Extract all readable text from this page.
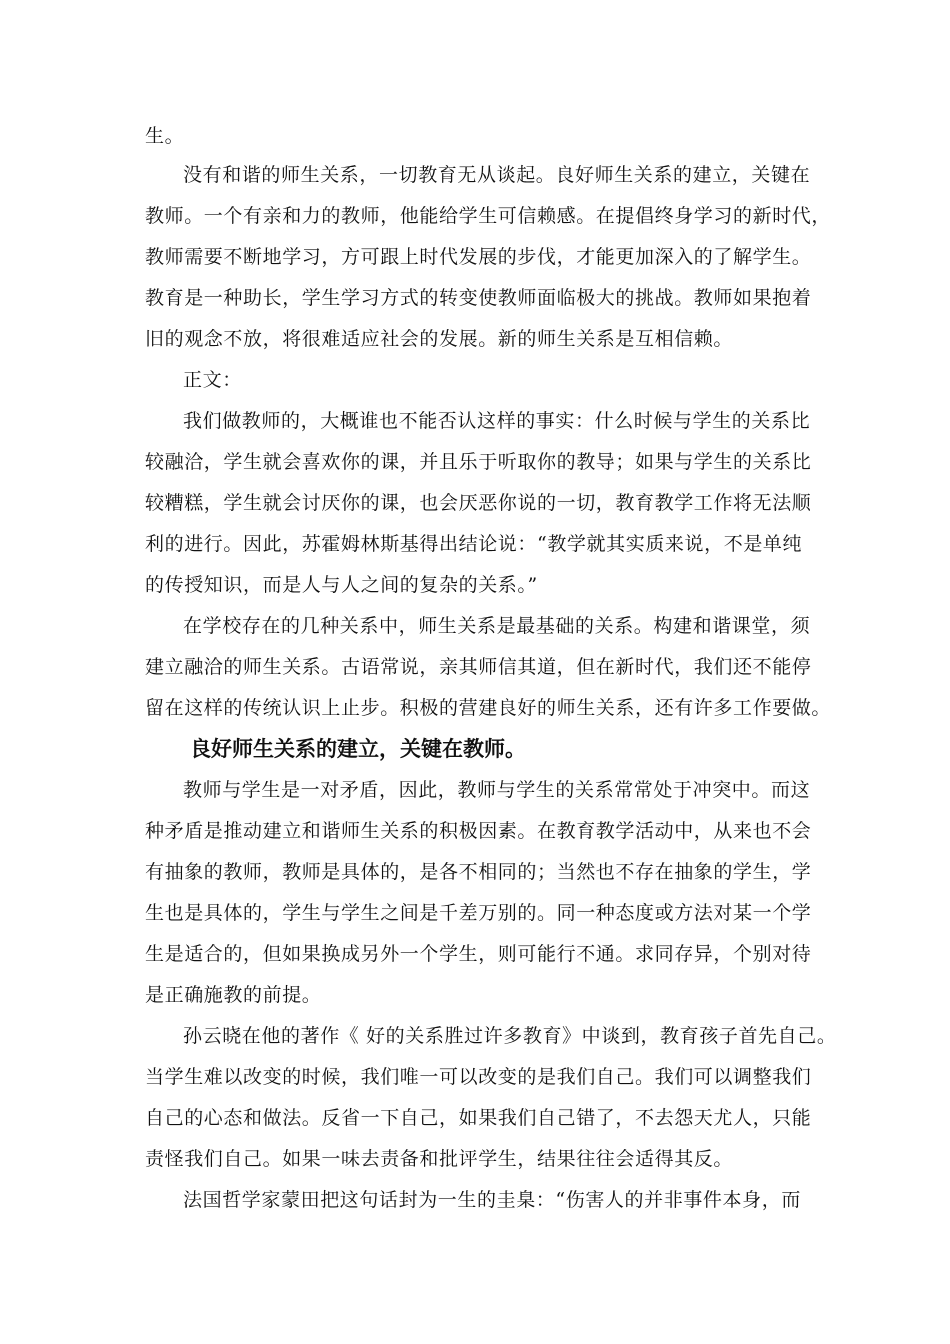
生。
没有和谐的师生关系，一切教育无从谈起。良好师生关系的建立，关键在
教师。一个有亲和力的教师，他能给学生可信赖感。在提倡终身学习的新时代，
教师需要不断地学习，方可跟上时代发展的步伐，才能更加深入的了解学生。
教育是一种助长，学生学习方式的转变使教师面临极大的挑战。教师如果抱着
旧的观念不放，将很难适应社会的发展。新的师生关系是互相信赖。
正文：
我们做教师的，大概谁也不能否认这样的事实：什么时候与学生的关系比
较融洽，学生就会喜欢你的课，并且乐于听取你的教导；如果与学生的关系比
较糟糕，学生就会讨厌你的课，也会厌恶你说的一切，教育教学工作将无法顺
利的进行。因此，苏霍姆林斯基得出结论说：“教学就其实质来说，不是单纯
的传授知识，而是人与人之间的复杂的关系。”
在学校存在的几种关系中，师生关系是最基础的关系。构建和谐课堂，须
建立融洽的师生关系。古语常说，亲其师信其道，但在新时代，我们还不能停
留在这样的传统认识上止步。积极的营建良好的师生关系，还有许多工作要做。
良好师生关系的建立，关键在教师。
教师与学生是一对矛盾，因此，教师与学生的关系常常处于冲突中。而这
种矛盾是推动建立和谐师生关系的积极因素。在教育教学活动中，从来也不会
有抽象的教师，教师是具体的，是各不相同的；当然也不存在抽象的学生，学
生也是具体的，学生与学生之间是千差万别的。同一种态度或方法对某一个学
生是适合的，但如果换成另外一个学生，则可能行不通。求同存异，个别对待
是正确施教的前提。
孙云晓在他的著作《 好的关系胜过许多教育》中谈到，教育孩子首先自己。
当学生难以改变的时候，我们唯一可以改变的是我们自己。我们可以调整我们
自己的心态和做法。反省一下自己，如果我们自己错了，不去怨天尤人，只能
责怪我们自己。如果一味去责备和批评学生，结果往往会适得其反。
法国哲学家蒙田把这句话封为一生的圭臬：“伤害人的并非事件本身，而
